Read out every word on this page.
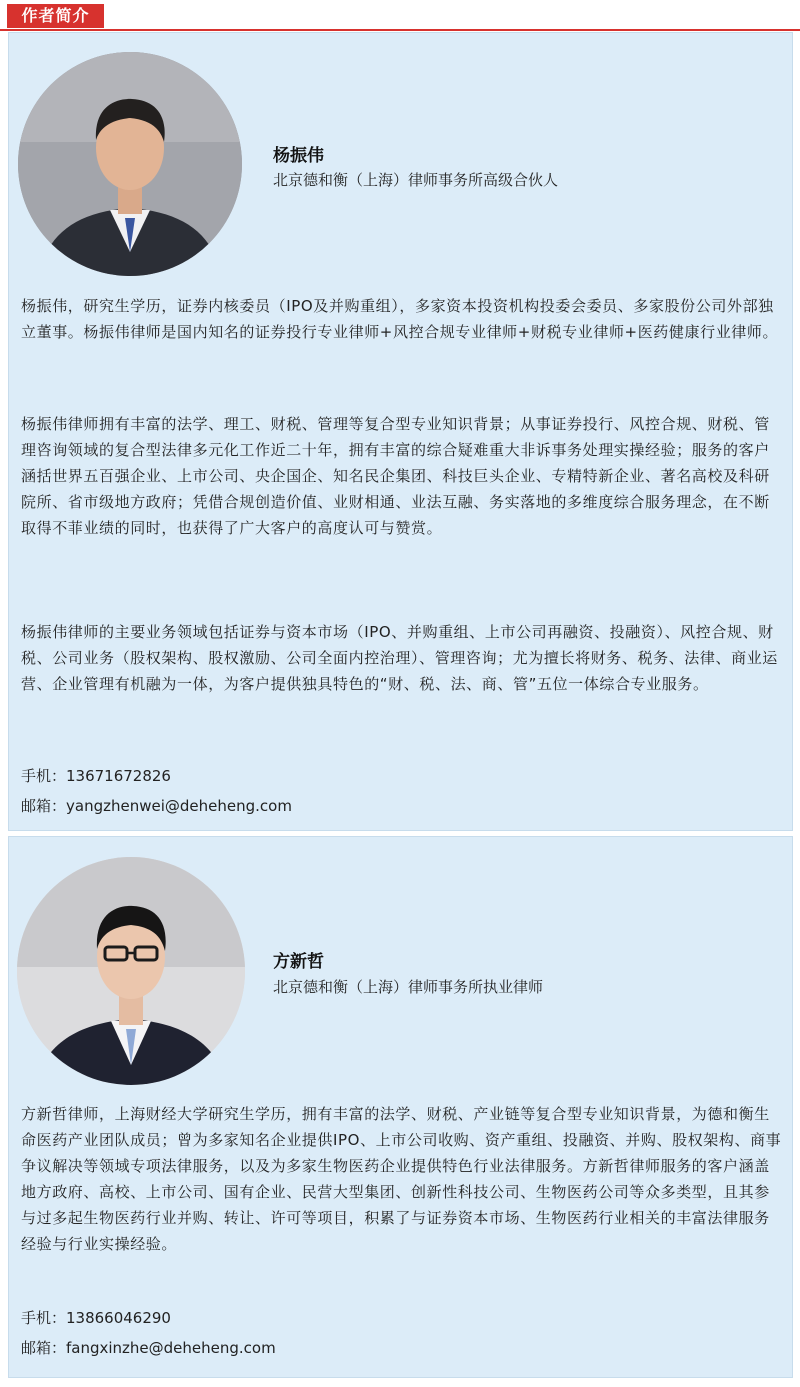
作者简介
杨振伟
北京德和衡（上海）律师事务所高级合伙人

杨振伟，研究生学历，证券内核委员（IPO及并购重组），多家资本投资机构投委会委员、多家股份公司外部独立董事。杨振伟律师是国内知名的证券投行专业律师+风控合规专业律师+财税专业律师+医药健康行业律师。

杨振伟律师拥有丰富的法学、理工、财税、管理等复合型专业知识背景；从事证券投行、风控合规、财税、管理咨询领域的复合型法律多元化工作近二十年，拥有丰富的综合疑难重大非诉事务处理实操经验；服务的客户涵括世界五百强企业、上市公司、央企国企、知名民企集团、科技巨头企业、专精特新企业、著名高校及科研院所、省市级地方政府；凭借合规创造价值、业财相通、业法互融、务实落地的多维度综合服务理念，在不断取得不菲业绩的同时，也获得了广大客户的高度认可与赞赏。

杨振伟律师的主要业务领域包括证券与资本市场（IPO、并购重组、上市公司再融资、投融资）、风控合规、财税、公司业务（股权架构、股权激励、公司全面内控治理）、管理咨询；尤为擅长将财务、税务、法律、商业运营、企业管理有机融为一体，为客户提供独具特色的“财、税、法、商、管”五位一体综合专业服务。

手机：13671672826
邮箱：yangzhenwei@deheheng.com
方新哲
北京德和衡（上海）律师事务所执业律师

方新哲律师，上海财经大学研究生学历，拥有丰富的法学、财税、产业链等复合型专业知识背景，为德和衡生命医药产业团队成员；曾为多家知名企业提供IPO、上市公司收购、资产重组、投融资、并购、股权架构、商事争议解决等领域专项法律服务，以及为多家生物医药企业提供特色行业法律服务。方新哲律师服务的客户涵盖地方政府、高校、上市公司、国有企业、民营大型集团、创新性科技公司、生物医药公司等众多类型，且其参与过多起生物医药行业并购、转让、许可等项目，积累了与证券资本市场、生物医药行业相关的丰富法律服务经验与行业实操经验。

手机：13866046290
邮箱：fangxinzhe@deheheng.com
